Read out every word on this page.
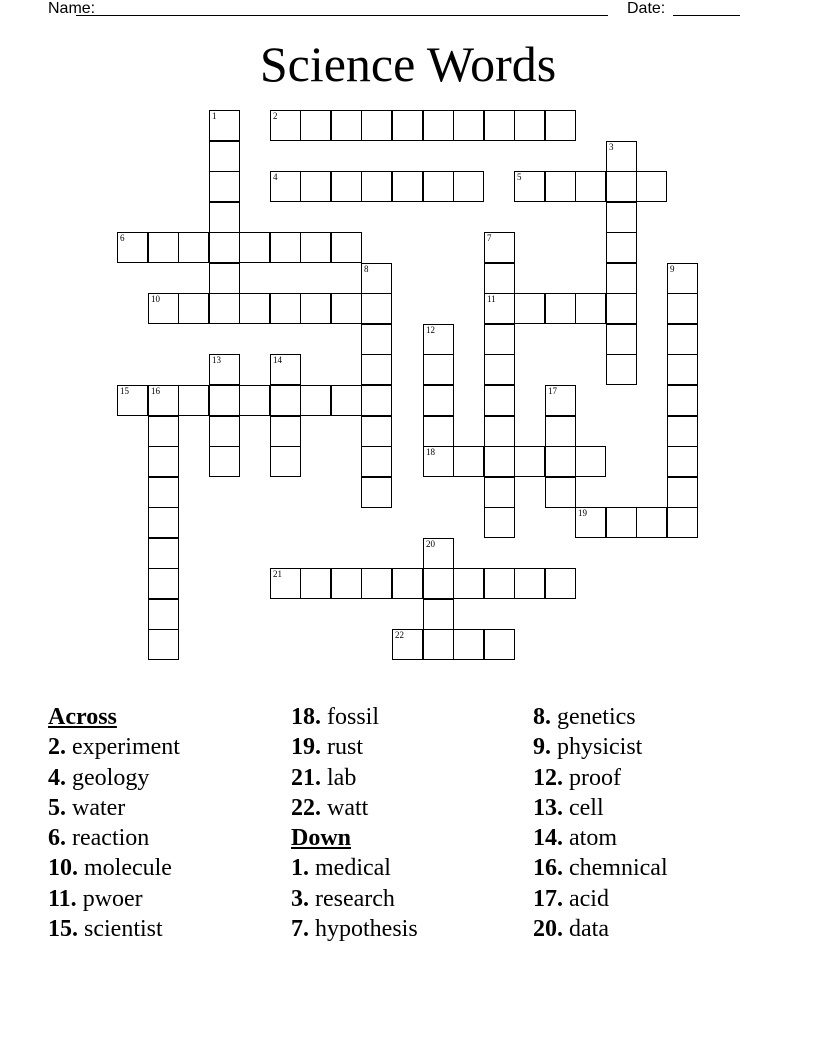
Name:	Date:
Science Words
1	2
3
4	5
6	7
11
8	9
10
12
18
13	14
15 16	17
19
20
21
22
Across
2. experiment
4. geology
5. water
6. reaction
10. molecule
11. pwoer
15. scientist
18. fossil
19. rust
21. lab
22. watt
Down
1. medical
3. research
7. hypothesis
8. genetics
9. physicist
12. proof
13. cell
14. atom
16. chemnical
17. acid
20. data
